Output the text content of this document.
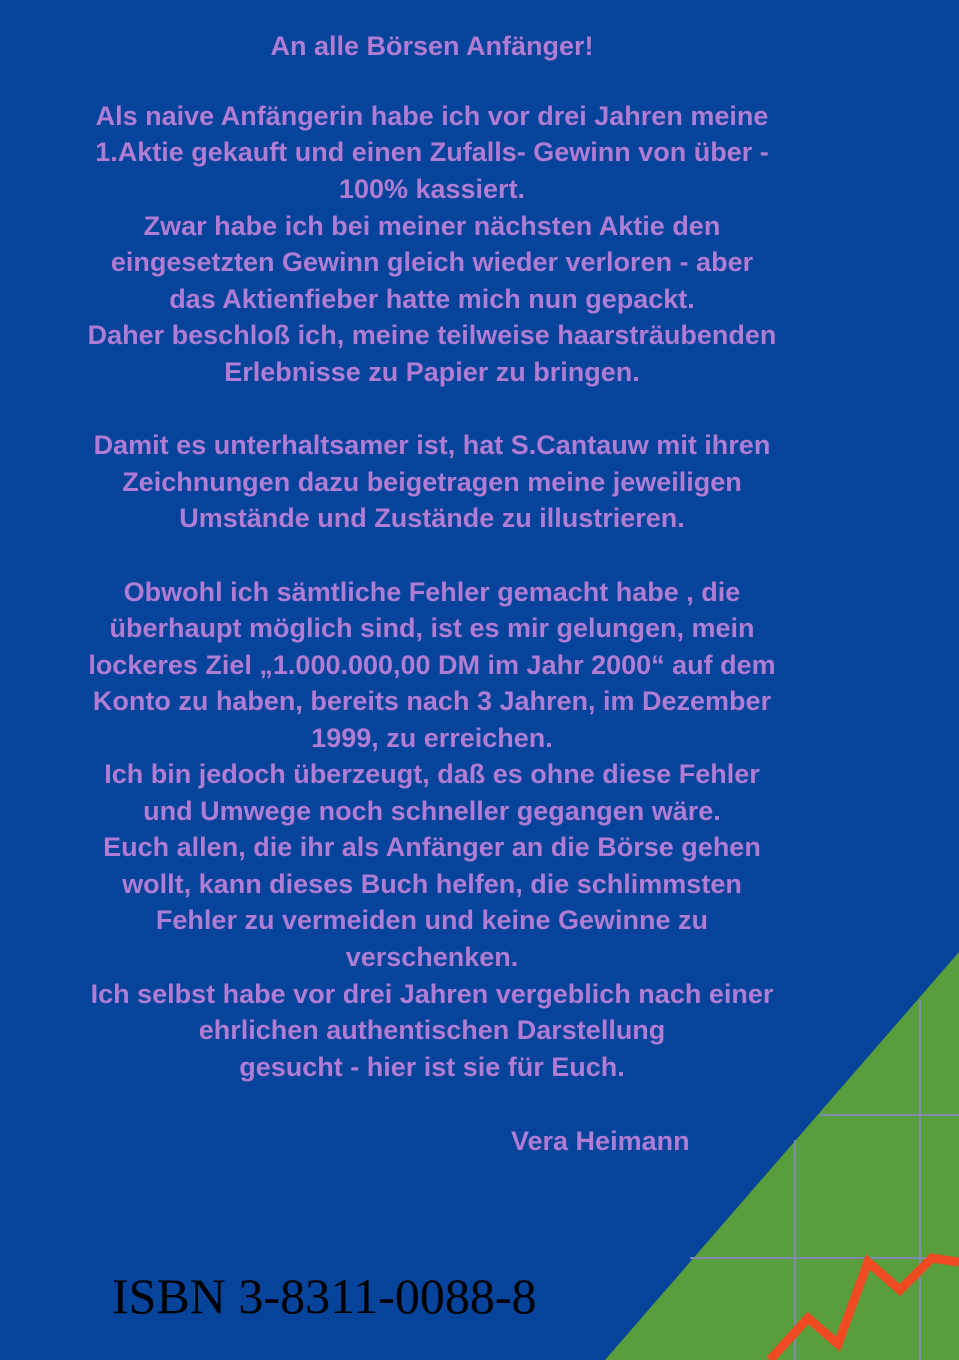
An alle Börsen Anfänger!
Als naive Anfängerin habe ich vor drei Jahren meine
1.Aktie gekauft und einen Zufalls- Gewinn von über -
100% kassiert.
Zwar habe ich bei meiner nächsten Aktie den
eingesetzten Gewinn gleich wieder verloren - aber
das Aktienfieber hatte mich nun gepackt.
Daher beschloß ich, meine teilweise haarsträubenden
Erlebnisse zu Papier zu bringen.
Damit es unterhaltsamer ist, hat S.Cantauw mit ihren
Zeichnungen dazu beigetragen meine jeweiligen
Umstände und Zustände zu illustrieren.
Obwohl ich sämtliche Fehler gemacht habe , die
überhaupt möglich sind, ist es mir gelungen, mein
lockeres Ziel „1.000.000,00 DM im Jahr 2000“ auf dem
Konto zu haben, bereits nach 3 Jahren, im Dezember
1999, zu erreichen.
Ich bin jedoch überzeugt, daß es ohne diese Fehler
und Umwege noch schneller gegangen wäre.
Euch allen, die ihr als Anfänger an die Börse gehen
wollt, kann dieses Buch helfen, die schlimmsten
Fehler zu vermeiden und keine Gewinne zu
verschenken.
Ich selbst habe vor drei Jahren vergeblich nach einer
ehrlichen authentischen Darstellung
gesucht - hier ist sie für Euch.
Vera Heimann
ISBN 3-8311-0088-8
